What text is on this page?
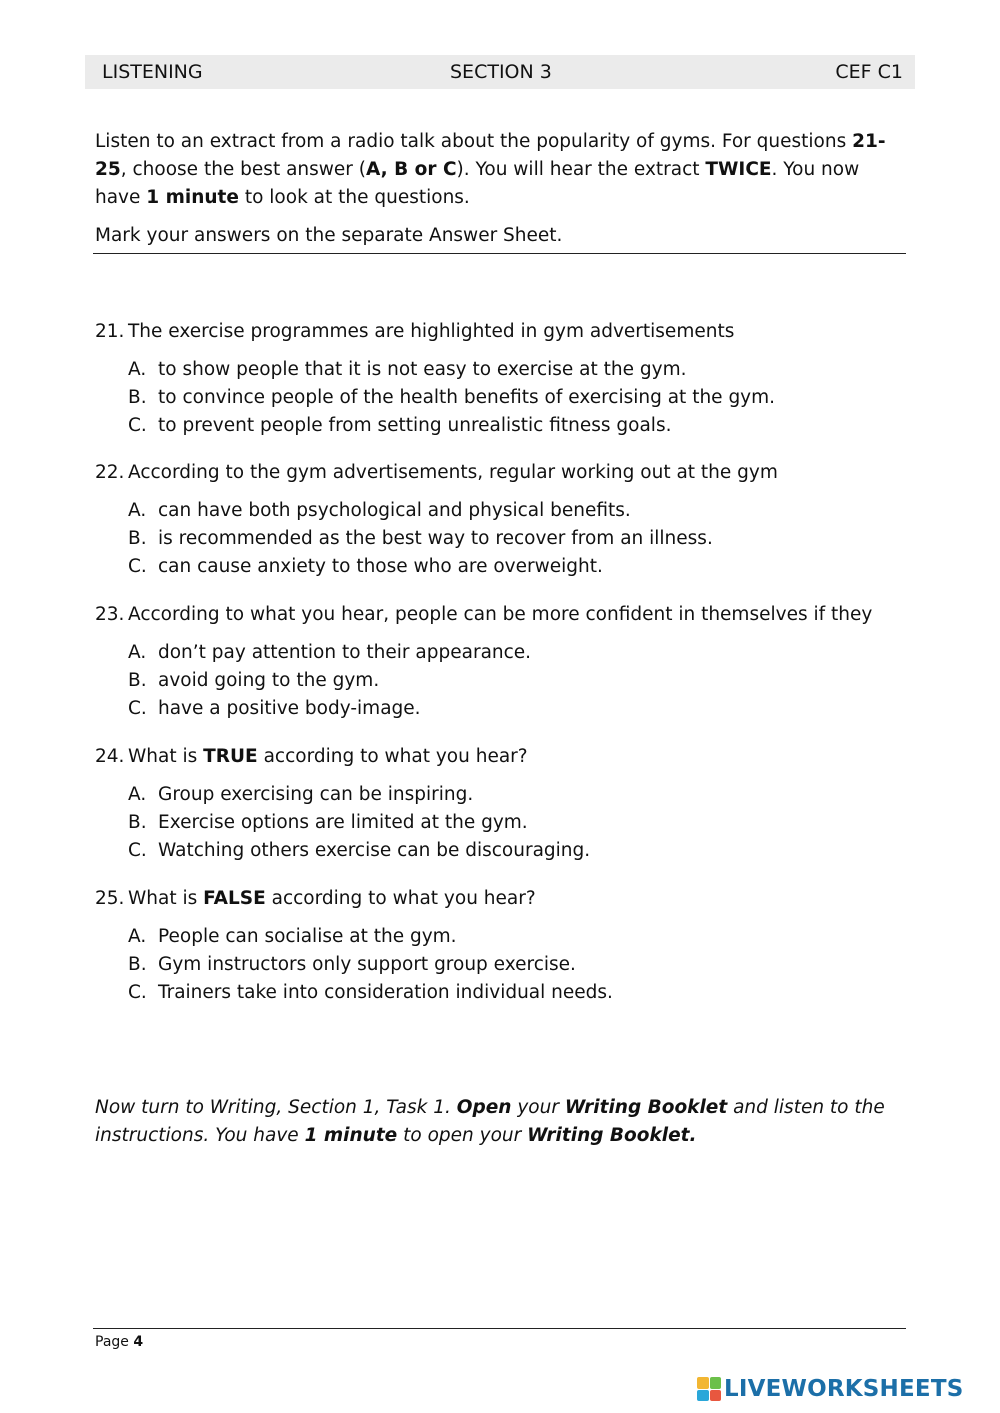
LISTENING	SECTION 3	CEF C1

Listen to an extract from a radio talk about the popularity of gyms. For questions 21-25, choose the best answer (A, B or C). You will hear the extract TWICE. You now have 1 minute to look at the questions.

Mark your answers on the separate Answer Sheet.

21. The exercise programmes are highlighted in gym advertisements
A. to show people that it is not easy to exercise at the gym.
B. to convince people of the health benefits of exercising at the gym.
C. to prevent people from setting unrealistic fitness goals.
22. According to the gym advertisements, regular working out at the gym
A. can have both psychological and physical benefits.
B. is recommended as the best way to recover from an illness.
C. can cause anxiety to those who are overweight.
23. According to what you hear, people can be more confident in themselves if they
A. don’t pay attention to their appearance.
B. avoid going to the gym.
C. have a positive body-image.
24. What is TRUE according to what you hear?
A. Group exercising can be inspiring.
B. Exercise options are limited at the gym.
C. Watching others exercise can be discouraging.
25. What is FALSE according to what you hear?
A. People can socialise at the gym.
B. Gym instructors only support group exercise.
C. Trainers take into consideration individual needs.
Now turn to Writing, Section 1, Task 1. Open your Writing Booklet and listen to the instructions. You have 1 minute to open your Writing Booklet.
Page 4
LIVEWORKSHEETS
